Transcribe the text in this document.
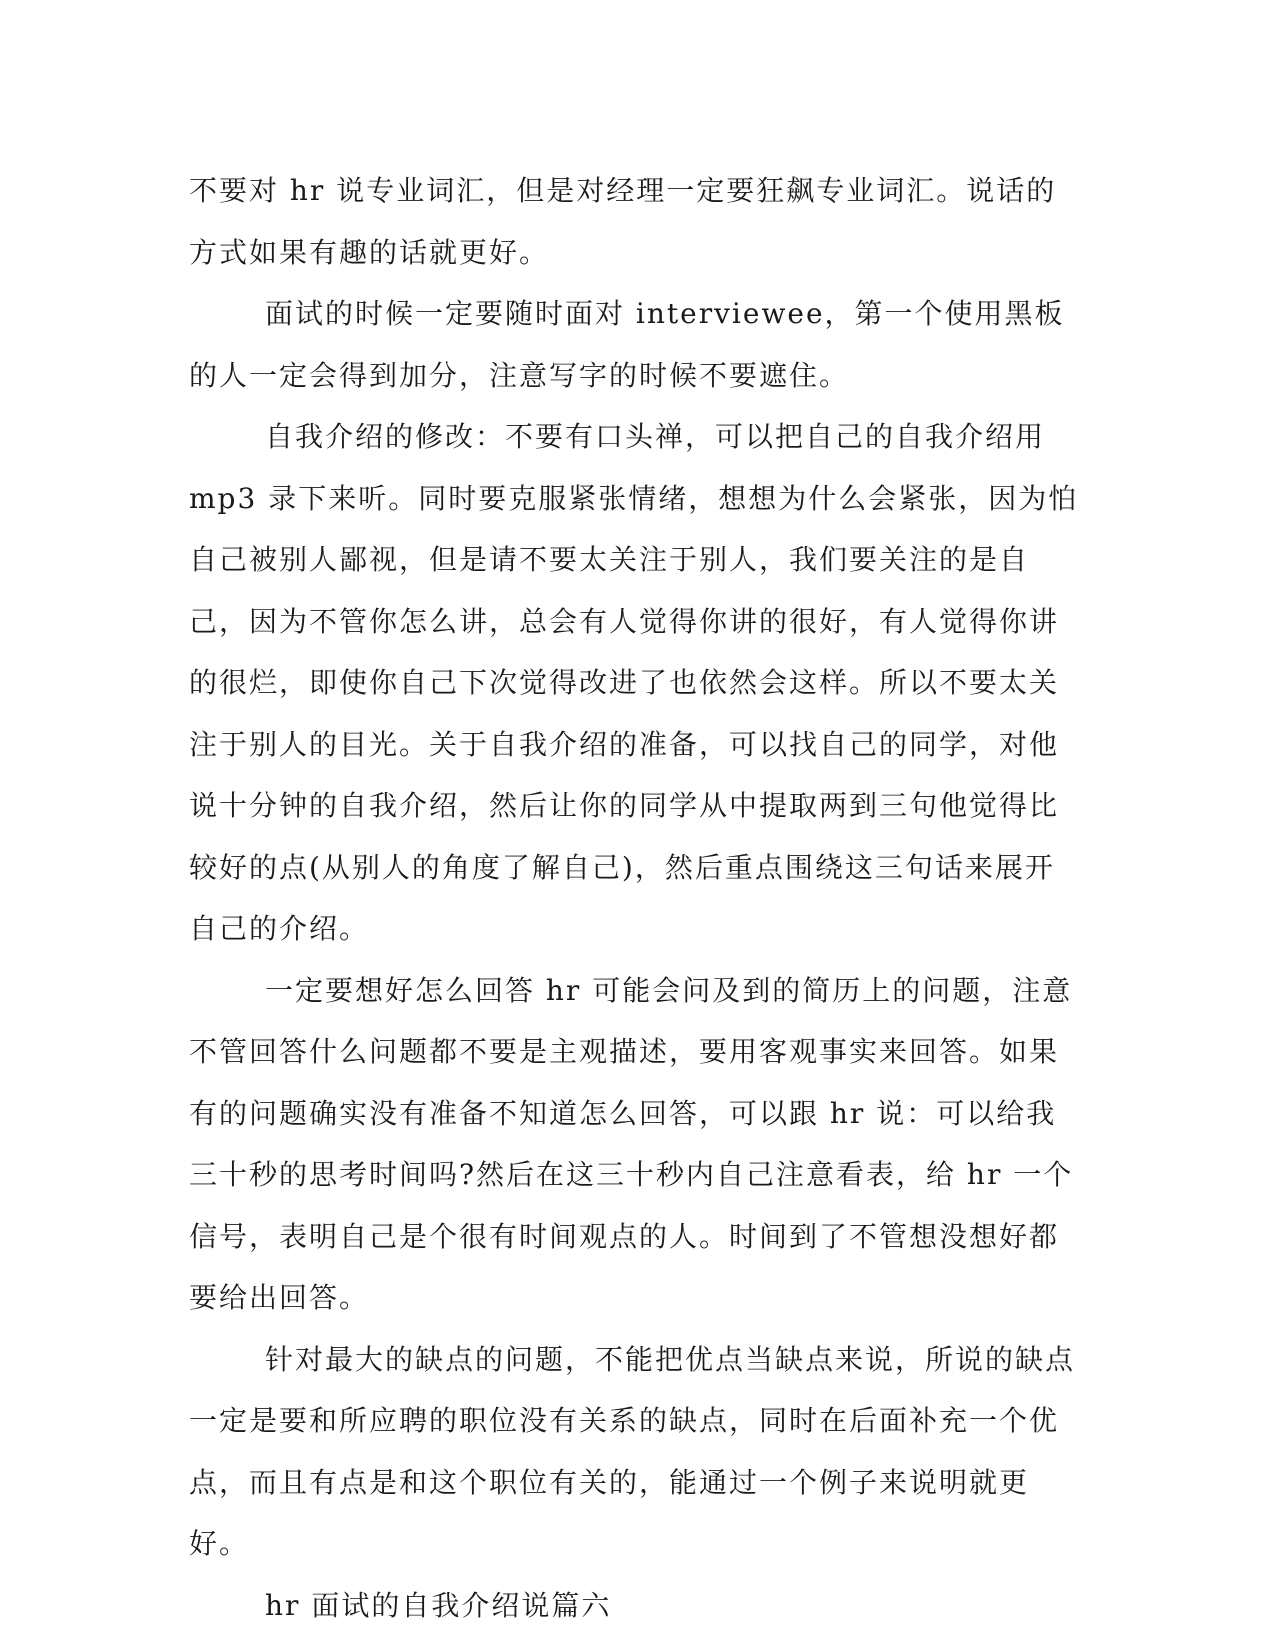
不要对 hr 说专业词汇，但是对经理一定要狂飙专业词汇。说话的方式如果有趣的话就更好。

面试的时候一定要随时面对 interviewee，第一个使用黑板的人一定会得到加分，注意写字的时候不要遮住。

自我介绍的修改：不要有口头禅，可以把自己的自我介绍用 mp3 录下来听。同时要克服紧张情绪，想想为什么会紧张，因为怕自己被别人鄙视，但是请不要太关注于别人，我们要关注的是自己，因为不管你怎么讲，总会有人觉得你讲的很好，有人觉得你讲的很烂，即使你自己下次觉得改进了也依然会这样。所以不要太关注于别人的目光。关于自我介绍的准备，可以找自己的同学，对他说十分钟的自我介绍，然后让你的同学从中提取两到三句他觉得比较好的点(从别人的角度了解自己)，然后重点围绕这三句话来展开自己的介绍。

一定要想好怎么回答 hr 可能会问及到的简历上的问题，注意不管回答什么问题都不要是主观描述，要用客观事实来回答。如果有的问题确实没有准备不知道怎么回答，可以跟 hr 说：可以给我三十秒的思考时间吗?然后在这三十秒内自己注意看表，给 hr 一个信号，表明自己是个很有时间观点的人。时间到了不管想没想好都要给出回答。

针对最大的缺点的问题，不能把优点当缺点来说，所说的缺点一定是要和所应聘的职位没有关系的缺点，同时在后面补充一个优点，而且有点是和这个职位有关的，能通过一个例子来说明就更好。

hr 面试的自我介绍说篇六
